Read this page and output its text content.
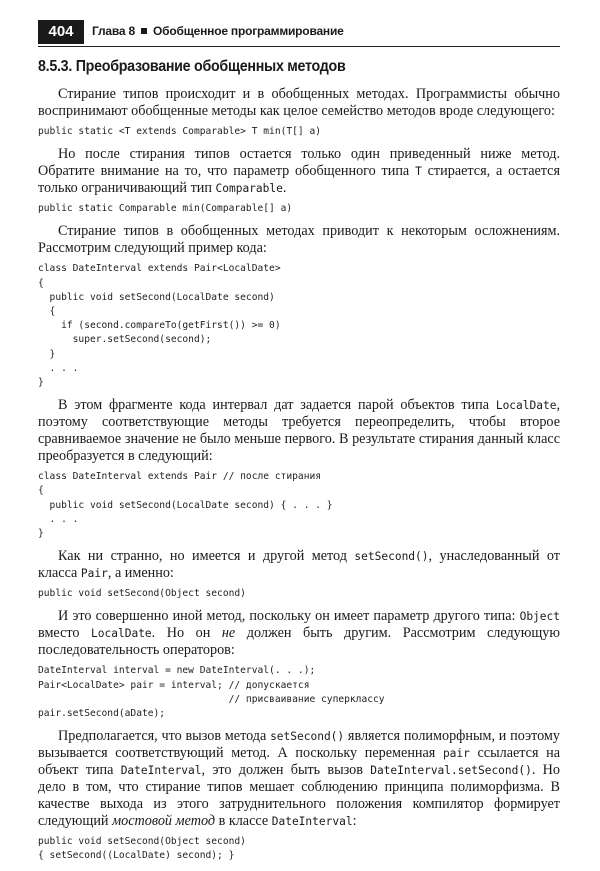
404	Глава 8 Обобщенное программирование
8.5.3. Преобразование обобщенных методов

Стирание типов происходит и в обобщенных методах. Программисты обычно воспринимают обобщенные методы как целое семейство методов вроде следующего:

public static <T extends Comparable> T min(T[] a)

Но после стирания типов остается только один приведенный ниже метод. Обратите внимание на то, что параметр обобщенного типа T стирается, а остается только ограничивающий тип Comparable.

public static Comparable min(Comparable[] a)

Стирание типов в обобщенных методах приводит к некоторым осложнениям. Рассмотрим следующий пример кода:

class DateInterval extends Pair<LocalDate>
{
public void setSecond(LocalDate second)
{
if (second.compareTo(getFirst()) >= 0)
super.setSecond(second);
}
. . .
}

В этом фрагменте кода интервал дат задается парой объектов типа LocalDate, поэтому соответствующие методы требуется переопределить, чтобы второе сравниваемое значение не было меньше первого. В результате стирания данный класс преобразуется в следующий:

class DateInterval extends Pair // после стирания
{
public void setSecond(LocalDate second) { . . . }
. . .
}

Как ни странно, но имеется и другой метод setSecond(), унаследованный от класса Pair, а именно:

public void setSecond(Object second)

И это совершенно иной метод, поскольку он имеет параметр другого типа: Object вместо LocalDate. Но он не должен быть другим. Рассмотрим следующую последовательность операторов:

DateInterval interval = new DateInterval(. . .);
Pair<LocalDate> pair = interval; // допускается
// присваивание суперклассу
pair.setSecond(aDate);

Предполагается, что вызов метода setSecond() является полиморфным, и поэтому вызывается соответствующий метод. А поскольку переменная pair ссылается на объект типа DateInterval, это должен быть вызов DateInterval.setSecond(). Но дело в том, что стирание типов мешает соблюдению принципа полиморфизма. В качестве выхода из этого затруднительного положения компилятор формирует следующий мостовой метод в классе DateInterval:

public void setSecond(Object second)
{ setSecond((LocalDate) second); }
